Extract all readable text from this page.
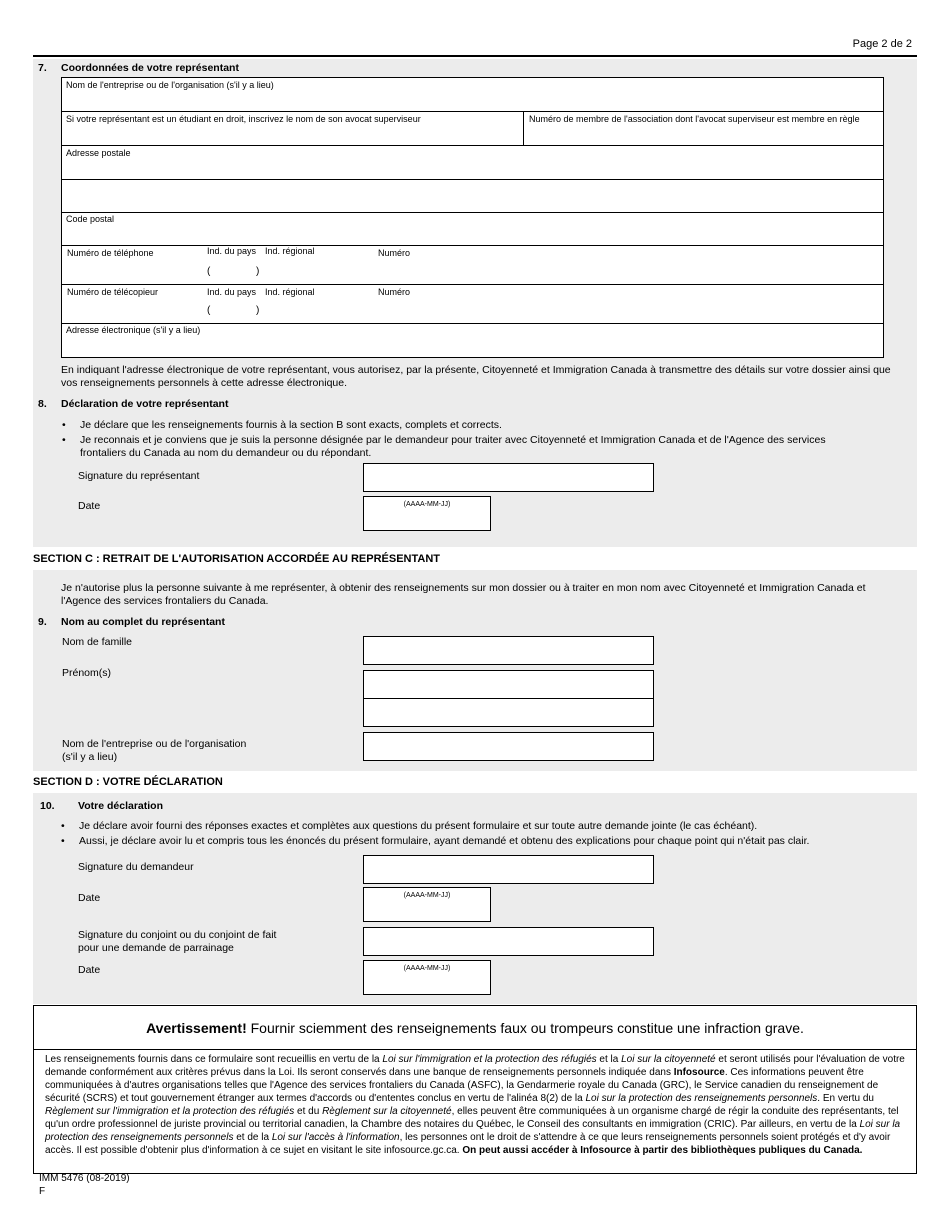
Page 2 de 2
7. Coordonnées de votre représentant
Nom de l'entreprise ou de l'organisation (s'il y a lieu)
Si votre représentant est un étudiant en droit, inscrivez le nom de son avocat superviseur	Numéro de membre de l'association dont l'avocat superviseur est membre en règle
Adresse postale
Code postal
Numéro de téléphone	Ind. du pays Ind. régional	Numéro
(	)
Numéro de télécopieur	Ind. du pays Ind. régional	Numéro
(	)
Adresse électronique (s'il y a lieu)
En indiquant l'adresse électronique de votre représentant, vous autorisez, par la présente, Citoyenneté et Immigration Canada à transmettre des détails sur votre dossier ainsi que vos renseignements personnels à cette adresse électronique.
8. Déclaration de votre représentant
• Je déclare que les renseignements fournis à la section B sont exacts, complets et corrects.
• Je reconnais et je conviens que je suis la personne désignée par le demandeur pour traiter avec Citoyenneté et Immigration Canada et de l'Agence des services frontaliers du Canada au nom du demandeur ou du répondant.
Signature du représentant
Date	(AAAA-MM-JJ)
SECTION C : RETRAIT DE L'AUTORISATION ACCORDÉE AU REPRÉSENTANT
Je n'autorise plus la personne suivante à me représenter, à obtenir des renseignements sur mon dossier ou à traiter en mon nom avec Citoyenneté et Immigration Canada et l'Agence des services frontaliers du Canada.
9. Nom au complet du représentant
Nom de famille
Prénom(s)
Nom de l'entreprise ou de l'organisation
(s'il y a lieu)
SECTION D : VOTRE DÉCLARATION
10. Votre déclaration
• Je déclare avoir fourni des réponses exactes et complètes aux questions du présent formulaire et sur toute autre demande jointe (le cas échéant).
• Aussi, je déclare avoir lu et compris tous les énoncés du présent formulaire, ayant demandé et obtenu des explications pour chaque point qui n'était pas clair.
Signature du demandeur
Date	(AAAA-MM-JJ)
Signature du conjoint ou du conjoint de fait
pour une demande de parrainage
Date	(AAAA-MM-JJ)
Avertissement! Fournir sciemment des renseignements faux ou trompeurs constitue une infraction grave.
Les renseignements fournis dans ce formulaire sont recueillis en vertu de la Loi sur l'immigration et la protection des réfugiés et la Loi sur la citoyenneté et seront utilisés pour l'évaluation de votre demande conformément aux critères prévus dans la Loi. Ils seront conservés dans une banque de renseignements personnels indiquée dans Infosource. Ces informations peuvent être communiquées à d'autres organisations telles que l'Agence des services frontaliers du Canada (ASFC), la Gendarmerie royale du Canada (GRC), le Service canadien du renseignement de sécurité (SCRS) et tout gouvernement étranger aux termes d'accords ou d'ententes conclus en vertu de l'alinéa 8(2) de la Loi sur la protection des renseignements personnels. En vertu du Règlement sur l'immigration et la protection des réfugiés et du Règlement sur la citoyenneté, elles peuvent être communiquées à un organisme chargé de régir la conduite des représentants, tel qu'un ordre professionnel de juriste provincial ou territorial canadien, la Chambre des notaires du Québec, le Conseil des consultants en immigration (CRIC). Par ailleurs, en vertu de la Loi sur la protection des renseignements personnels et de la Loi sur l'accès à l'information, les personnes ont le droit de s'attendre à ce que leurs renseignements personnels soient protégés et d'y avoir accès. Il est possible d'obtenir plus d'information à ce sujet en visitant le site infosource.gc.ca. On peut aussi accéder à Infosource à partir des bibliothèques publiques du Canada.
IMM 5476 (08-2019)
F
